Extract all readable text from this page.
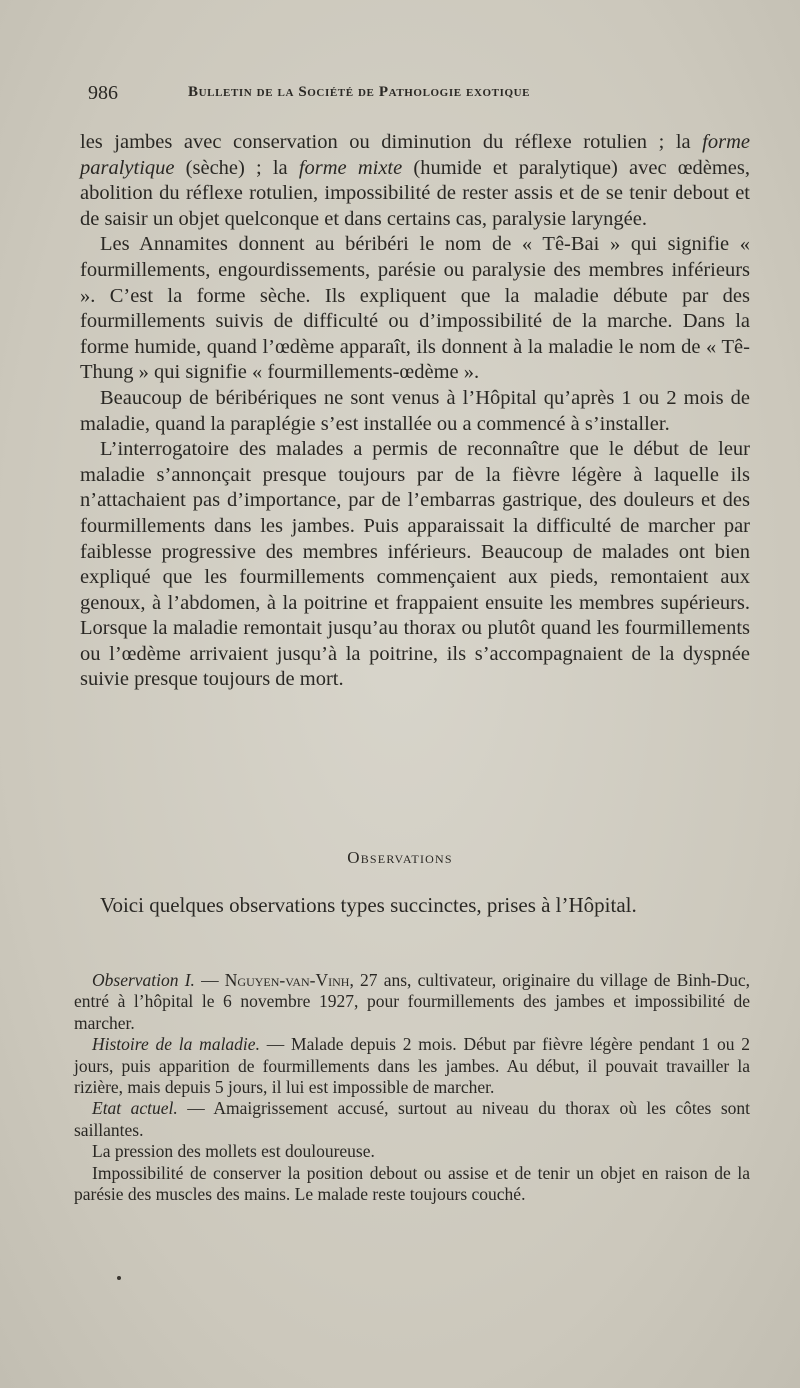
986	Bulletin de la Société de Pathologie exotique

les jambes avec conservation ou diminution du réflexe rotulien ; la forme paralytique (sèche) ; la forme mixte (humide et paralytique) avec œdèmes, abolition du réflexe rotulien, impossibilité de rester assis et de se tenir debout et de saisir un objet quelconque et dans certains cas, paralysie laryngée.

Les Annamites donnent au béribéri le nom de « Tê-Bai » qui signifie « fourmillements, engourdissements, parésie ou paralysie des membres inférieurs ». C’est la forme sèche. Ils expliquent que la maladie débute par des fourmillements suivis de difficulté ou d’impossibilité de la marche. Dans la forme humide, quand l’œdème apparaît, ils donnent à la maladie le nom de « Tê-Thung » qui signifie « fourmillements-œdème ».

Beaucoup de béribériques ne sont venus à l’Hôpital qu’après 1 ou 2 mois de maladie, quand la paraplégie s’est installée ou a commencé à s’installer.

L’interrogatoire des malades a permis de reconnaître que le début de leur maladie s’annonçait presque toujours par de la fièvre légère à laquelle ils n’attachaient pas d’importance, par de l’embarras gastrique, des douleurs et des fourmillements dans les jambes. Puis apparaissait la difficulté de marcher par faiblesse progressive des membres inférieurs. Beaucoup de malades ont bien expliqué que les fourmillements commençaient aux pieds, remontaient aux genoux, à l’abdomen, à la poitrine et frappaient ensuite les membres supérieurs. Lorsque la maladie remontait jusqu’au thorax ou plutôt quand les fourmillements ou l’œdème arrivaient jusqu’à la poitrine, ils s’accompagnaient de la dyspnée suivie presque toujours de mort.

Observations
Voici quelques observations types succinctes, prises à l’Hôpital.

Observation I. — Nguyen-van-Vinh, 27 ans, cultivateur, originaire du village de Binh-Duc, entré à l’hôpital le 6 novembre 1927, pour fourmillements des jambes et impossibilité de marcher.

Histoire de la maladie. — Malade depuis 2 mois. Début par fièvre légère pendant 1 ou 2 jours, puis apparition de fourmillements dans les jambes. Au début, il pouvait travailler la rizière, mais depuis 5 jours, il lui est impossible de marcher.

Etat actuel. — Amaigrissement accusé, surtout au niveau du thorax où les côtes sont saillantes.

La pression des mollets est douloureuse.

Impossibilité de conserver la position debout ou assise et de tenir un objet en raison de la parésie des muscles des mains. Le malade reste toujours couché.
